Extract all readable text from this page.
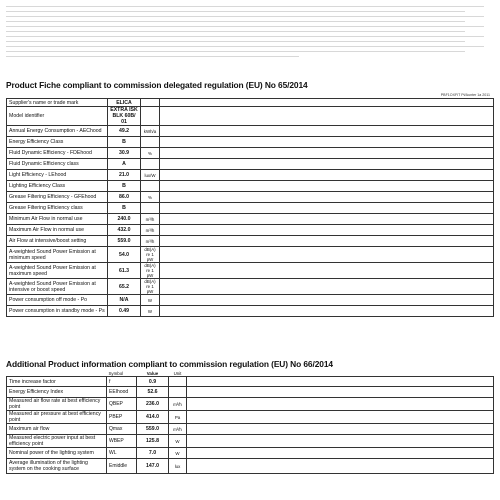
Product Fiche compliant to commission delegated regulation (EU) No 65/2014
PBF1OXFIT Pt/Aunter 1a 2011
Supplier's name or trade mark	ELICA		

Model identifier	EXTRA ISK BLK 60B/ 01		

Annual Energy Consumption - AEChood	49.2	kWh/a	

Energy Efficiency Class	B		

Fluid Dynamic Efficiency - FDEhood	30.9	%	

Fluid Dynamic Efficiency class	A		

Light Efficiency - LEhood	21.0	lux/W	

Lighting Efficiency Class	B		

Grease Filtering Efficiency - GFEhood	86.0	%	

Grease Filtering Efficiency class	B		

Minimum Air Flow in normal use	240.0	m³/h	

Maximum Air Flow in normal use	432.0	m³/h	

Air Flow at intensive/boost setting	559.0	m³/h	

A-weighted Sound Power Emission at minimum speed	54.0	dB(A) re 1 pW	

A-weighted Sound Power Emission at maximum speed	61.3	dB(A) re 1 pW	

A-weighted Sound Power Emission at intensive or boost speed	65.2	dB(A) re 1 pW	

Power consumption off mode - Po	N/A	W	

Power consumption in standby mode - Ps	0.49	W	
Additional Product information compliant to commission regulation (EU) No 66/2014
	Symbol	Value	Unit	
Time increase factor	f	0.9		

Energy Efficiency Index	EEIhood	52.6		

Measured air flow rate at best efficiency point	QBEP	236.0	m³/h	

Measured air pressure at best efficiency point	PBEP	414.0	Pa	

Maximum air flow	Qmax	559.0	m³/h	

Measured electric power input at best efficiency point	WBEP	125.8	W	

Nominal power of the lighting system	WL	7.0	W	

Average illumination of the lighting system on the cooking surface	Emiddle	147.0	lux	
